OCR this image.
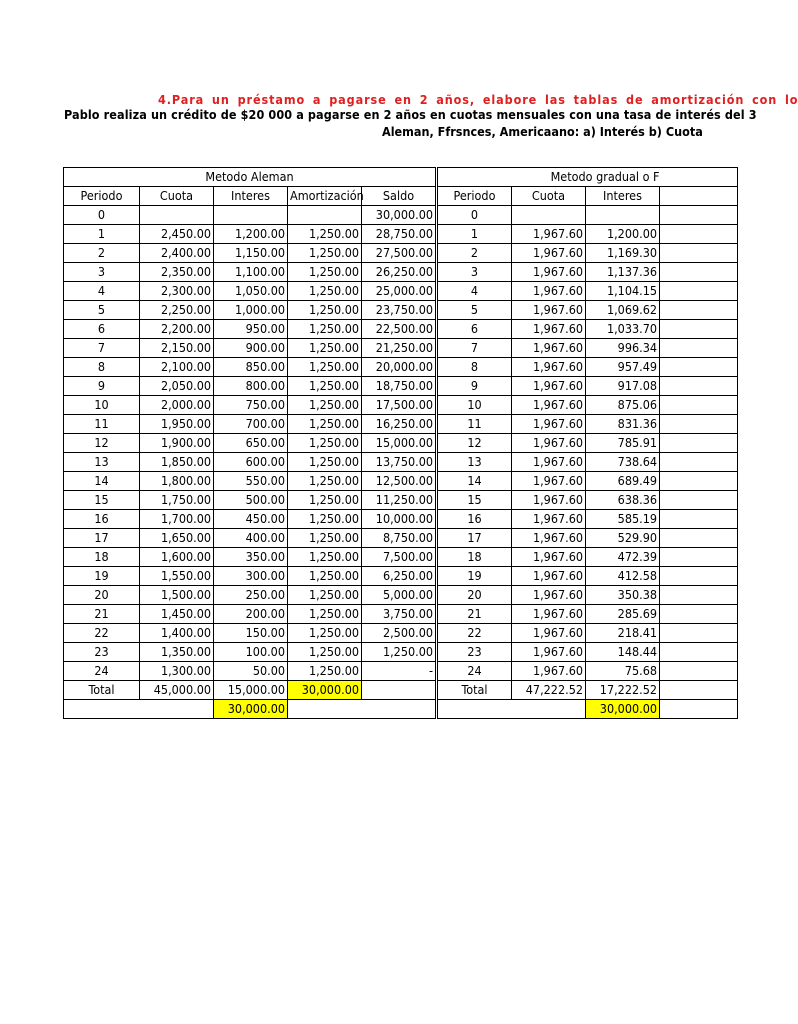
4.Para un préstamo a pagarse en 2 años, elabore las tablas de amortización con lo
Pablo realiza un crédito de $20 000 a pagarse en 2 años en cuotas mensuales con una tasa de interés del 3
Aleman, Ffrsnces, Americaano: a) Interés b) Cuota
Metodo Aleman				
Periodo	Cuota	Interes	Amortización	Saldo
0				30,000.00
1	2,450.00	1,200.00	1,250.00	28,750.00
2	2,400.00	1,150.00	1,250.00	27,500.00
3	2,350.00	1,100.00	1,250.00	26,250.00
4	2,300.00	1,050.00	1,250.00	25,000.00
5	2,250.00	1,000.00	1,250.00	23,750.00
6	2,200.00	950.00	1,250.00	22,500.00
7	2,150.00	900.00	1,250.00	21,250.00
8	2,100.00	850.00	1,250.00	20,000.00
9	2,050.00	800.00	1,250.00	18,750.00
10	2,000.00	750.00	1,250.00	17,500.00
11	1,950.00	700.00	1,250.00	16,250.00
12	1,900.00	650.00	1,250.00	15,000.00
13	1,850.00	600.00	1,250.00	13,750.00
14	1,800.00	550.00	1,250.00	12,500.00
15	1,750.00	500.00	1,250.00	11,250.00
16	1,700.00	450.00	1,250.00	10,000.00
17	1,650.00	400.00	1,250.00	8,750.00
18	1,600.00	350.00	1,250.00	7,500.00
19	1,550.00	300.00	1,250.00	6,250.00
20	1,500.00	250.00	1,250.00	5,000.00
21	1,450.00	200.00	1,250.00	3,750.00
22	1,400.00	150.00	1,250.00	2,500.00
23	1,350.00	100.00	1,250.00	1,250.00
24	1,300.00	50.00	1,250.00	-
Total	45,000.00	15,000.00	30,000.00	
		30,000.00		
Metodo gradual o F			
Periodo	Cuota	Interes	
0			
1	1,967.60	1,200.00	
2	1,967.60	1,169.30	
3	1,967.60	1,137.36	
4	1,967.60	1,104.15	
5	1,967.60	1,069.62	
6	1,967.60	1,033.70	
7	1,967.60	996.34	
8	1,967.60	957.49	
9	1,967.60	917.08	
10	1,967.60	875.06	
11	1,967.60	831.36	
12	1,967.60	785.91	
13	1,967.60	738.64	
14	1,967.60	689.49	
15	1,967.60	638.36	
16	1,967.60	585.19	
17	1,967.60	529.90	
18	1,967.60	472.39	
19	1,967.60	412.58	
20	1,967.60	350.38	
21	1,967.60	285.69	
22	1,967.60	218.41	
23	1,967.60	148.44	
24	1,967.60	75.68	
Total	47,222.52	17,222.52	
		30,000.00	
